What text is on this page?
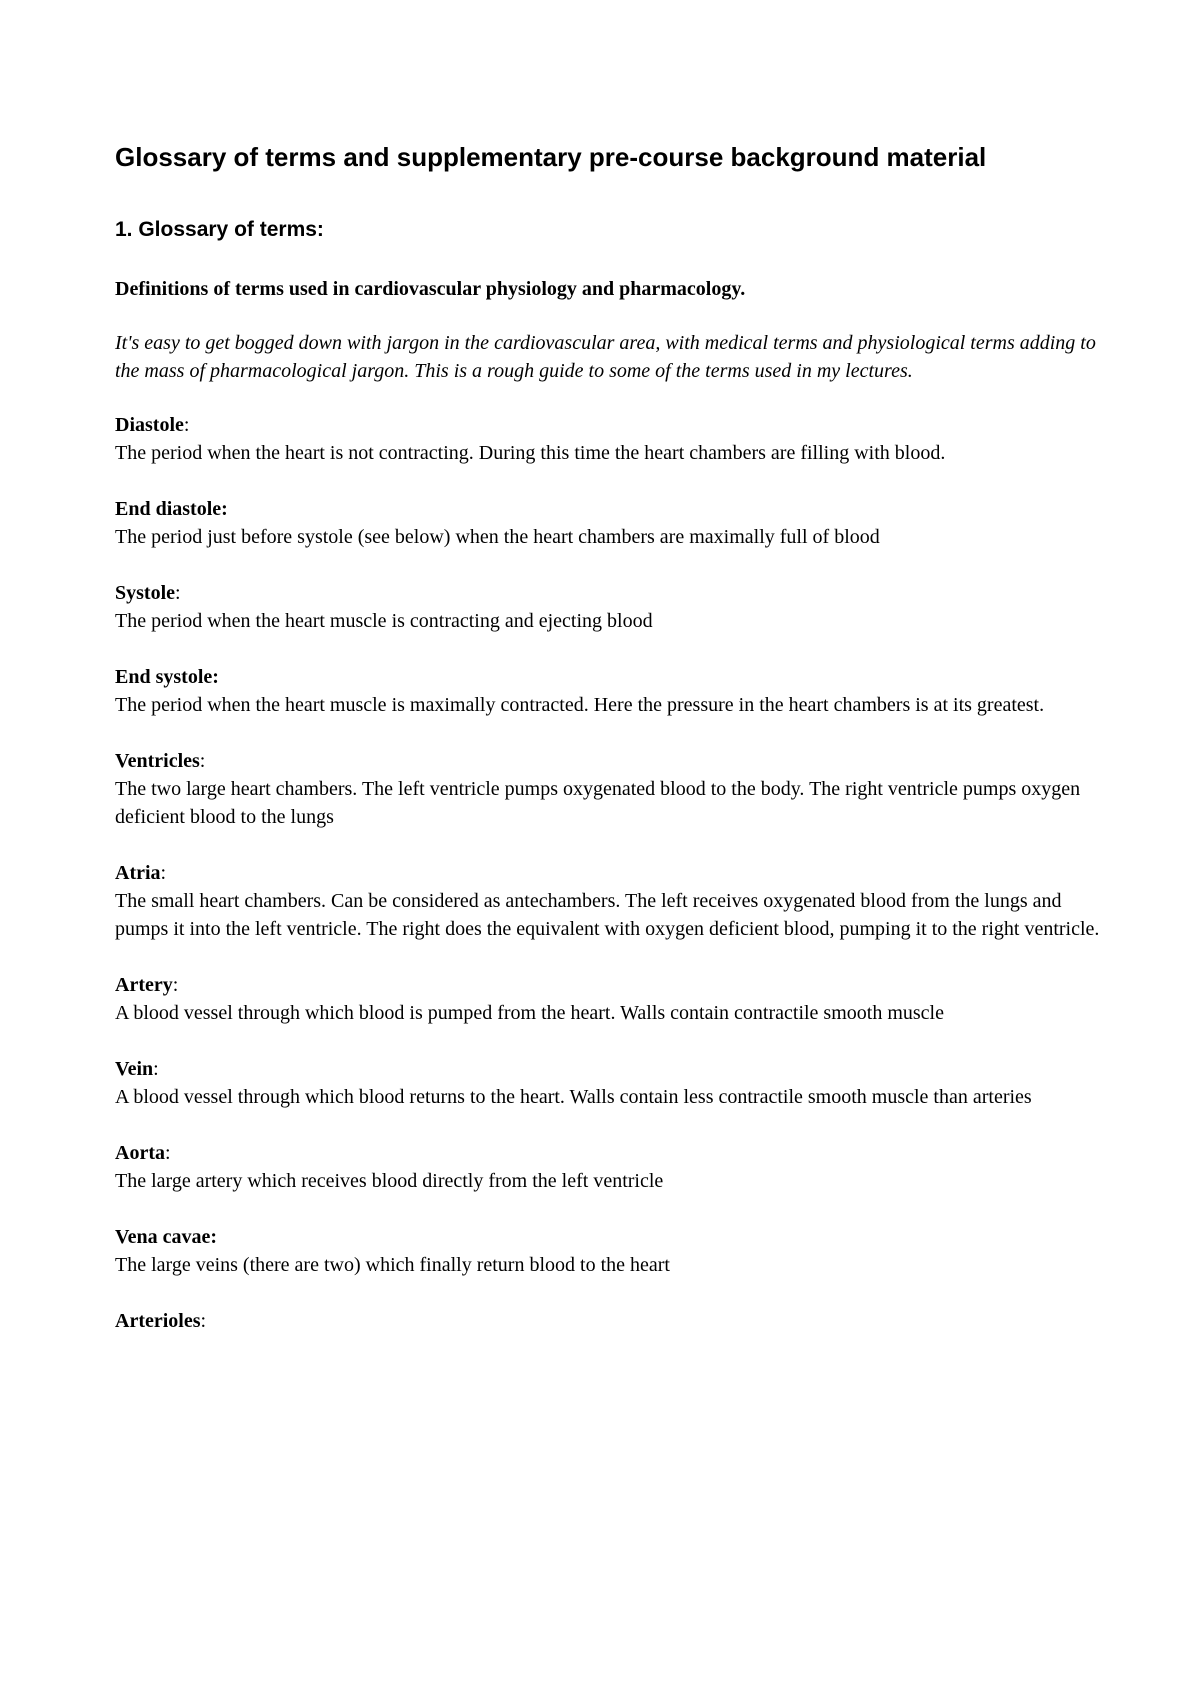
Glossary of terms and supplementary pre-course background material
1. Glossary of terms:

Definitions of terms used in cardiovascular physiology and pharmacology.

It's easy to get bogged down with jargon in the cardiovascular area, with medical terms and physiological terms adding to the mass of pharmacological jargon. This is a rough guide to some of the terms used in my lectures.

Diastole:
The period when the heart is not contracting. During this time the heart chambers are filling with blood.
End diastole:
The period just before systole (see below) when the heart chambers are maximally full of blood
Systole:
The period when the heart muscle is contracting and ejecting blood
End systole:
The period when the heart muscle is maximally contracted. Here the pressure in the heart chambers is at its greatest.
Ventricles:
The two large heart chambers. The left ventricle pumps oxygenated blood to the body. The right ventricle pumps oxygen deficient blood to the lungs
Atria:
The small heart chambers. Can be considered as antechambers. The left receives oxygenated blood from the lungs and pumps it into the left ventricle. The right does the equivalent with oxygen deficient blood, pumping it to the right ventricle.
Artery:
A blood vessel through which blood is pumped from the heart. Walls contain contractile smooth muscle
Vein:
A blood vessel through which blood returns to the heart. Walls contain less contractile smooth muscle than arteries
Aorta:
The large artery which receives blood directly from the left ventricle
Vena cavae:
The large veins (there are two) which finally return blood to the heart
Arterioles:
